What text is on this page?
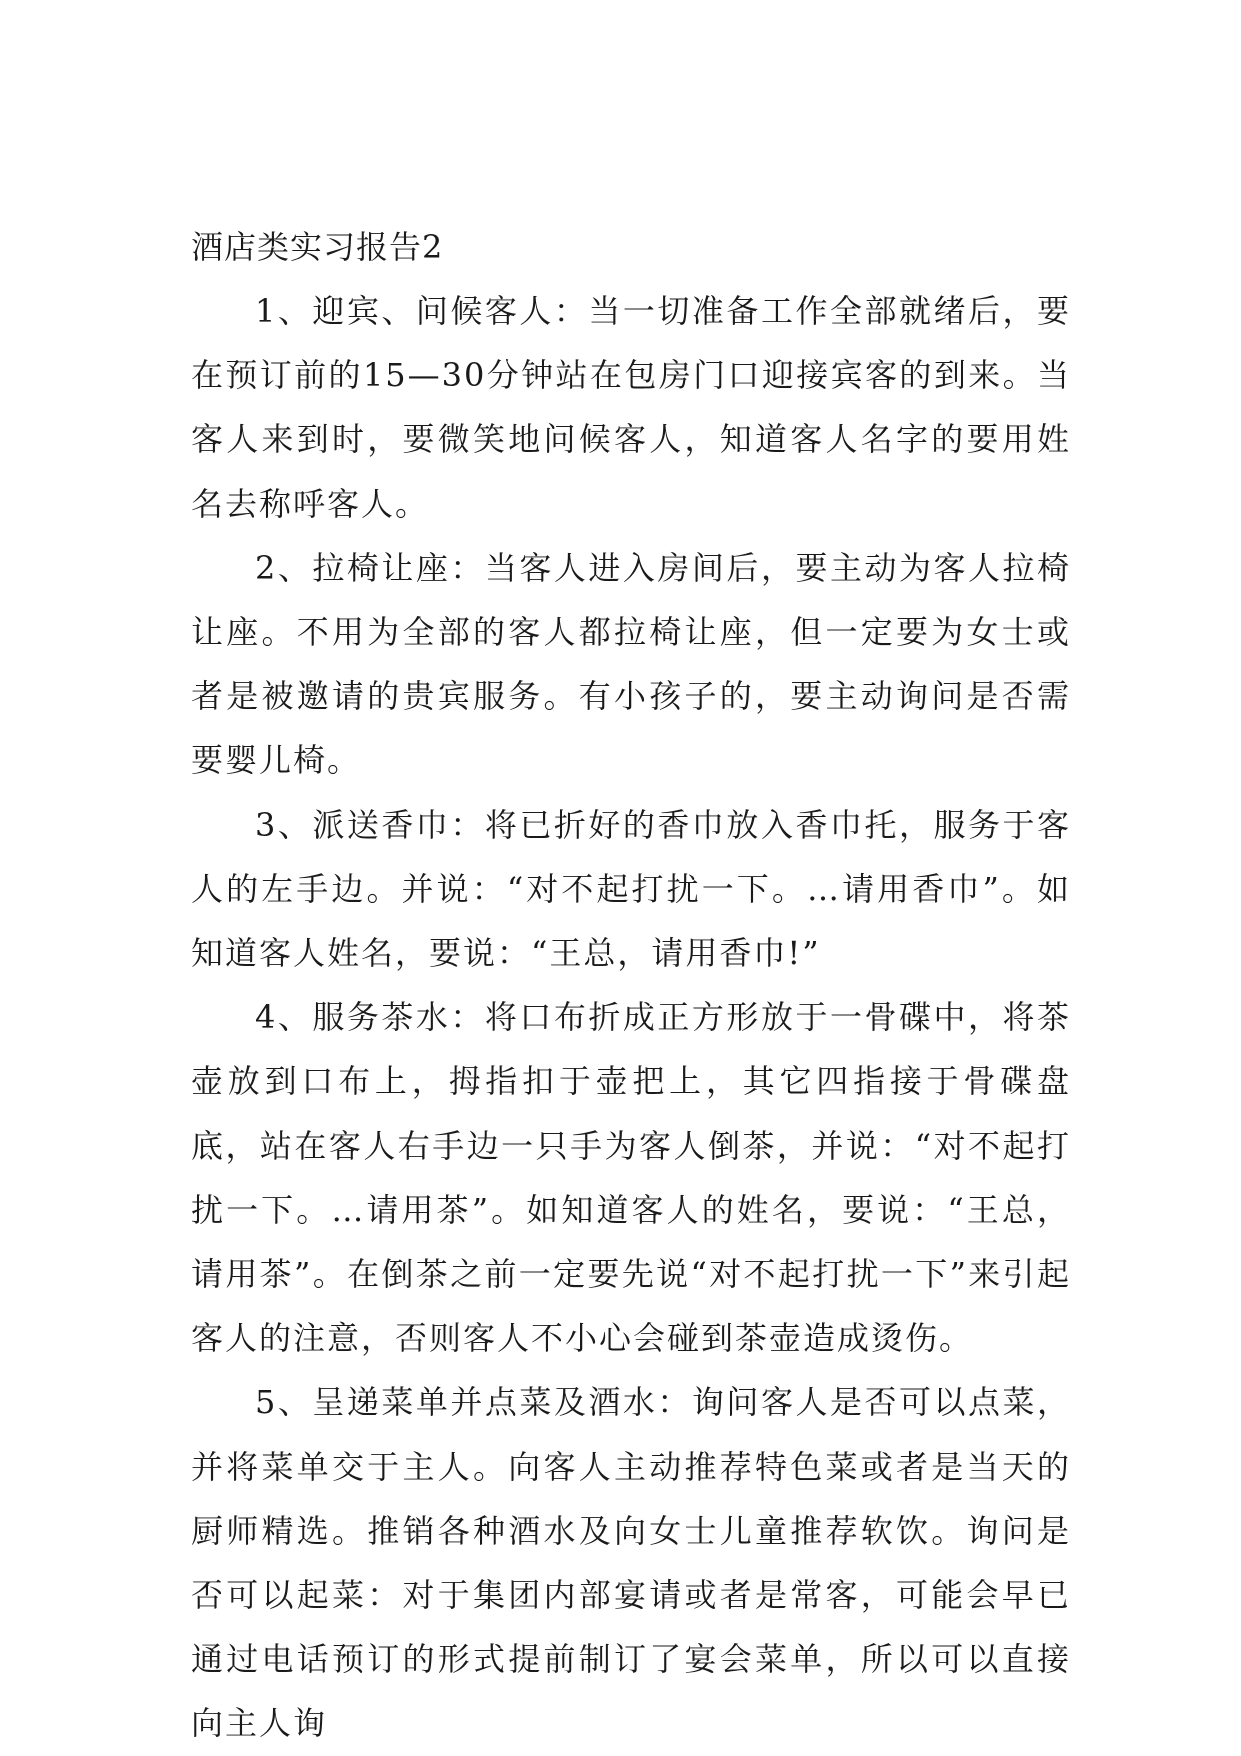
酒店类实习报告2

1、迎宾、问候客人：当一切准备工作全部就绪后，要在预订前的15—30分钟站在包房门口迎接宾客的到来。当客人来到时，要微笑地问候客人，知道客人名字的要用姓名去称呼客人。

2、拉椅让座：当客人进入房间后，要主动为客人拉椅让座。不用为全部的客人都拉椅让座，但一定要为女士或者是被邀请的贵宾服务。有小孩子的，要主动询问是否需要婴儿椅。

3、派送香巾：将已折好的香巾放入香巾托，服务于客人的左手边。并说：“对不起打扰一下。…请用香巾”。如知道客人姓名，要说：“王总，请用香巾!”

4、服务茶水：将口布折成正方形放于一骨碟中，将茶壶放到口布上，拇指扣于壶把上，其它四指接于骨碟盘底，站在客人右手边一只手为客人倒茶，并说：“对不起打扰一下。…请用茶”。如知道客人的姓名，要说：“王总，请用茶”。在倒茶之前一定要先说“对不起打扰一下”来引起客人的注意，否则客人不小心会碰到茶壶造成烫伤。

5、呈递菜单并点菜及酒水：询问客人是否可以点菜，并将菜单交于主人。向客人主动推荐特色菜或者是当天的厨师精选。推销各种酒水及向女士儿童推荐软饮。询问是否可以起菜：对于集团内部宴请或者是常客，可能会早已通过电话预订的形式提前制订了宴会菜单，所以可以直接向主人询
